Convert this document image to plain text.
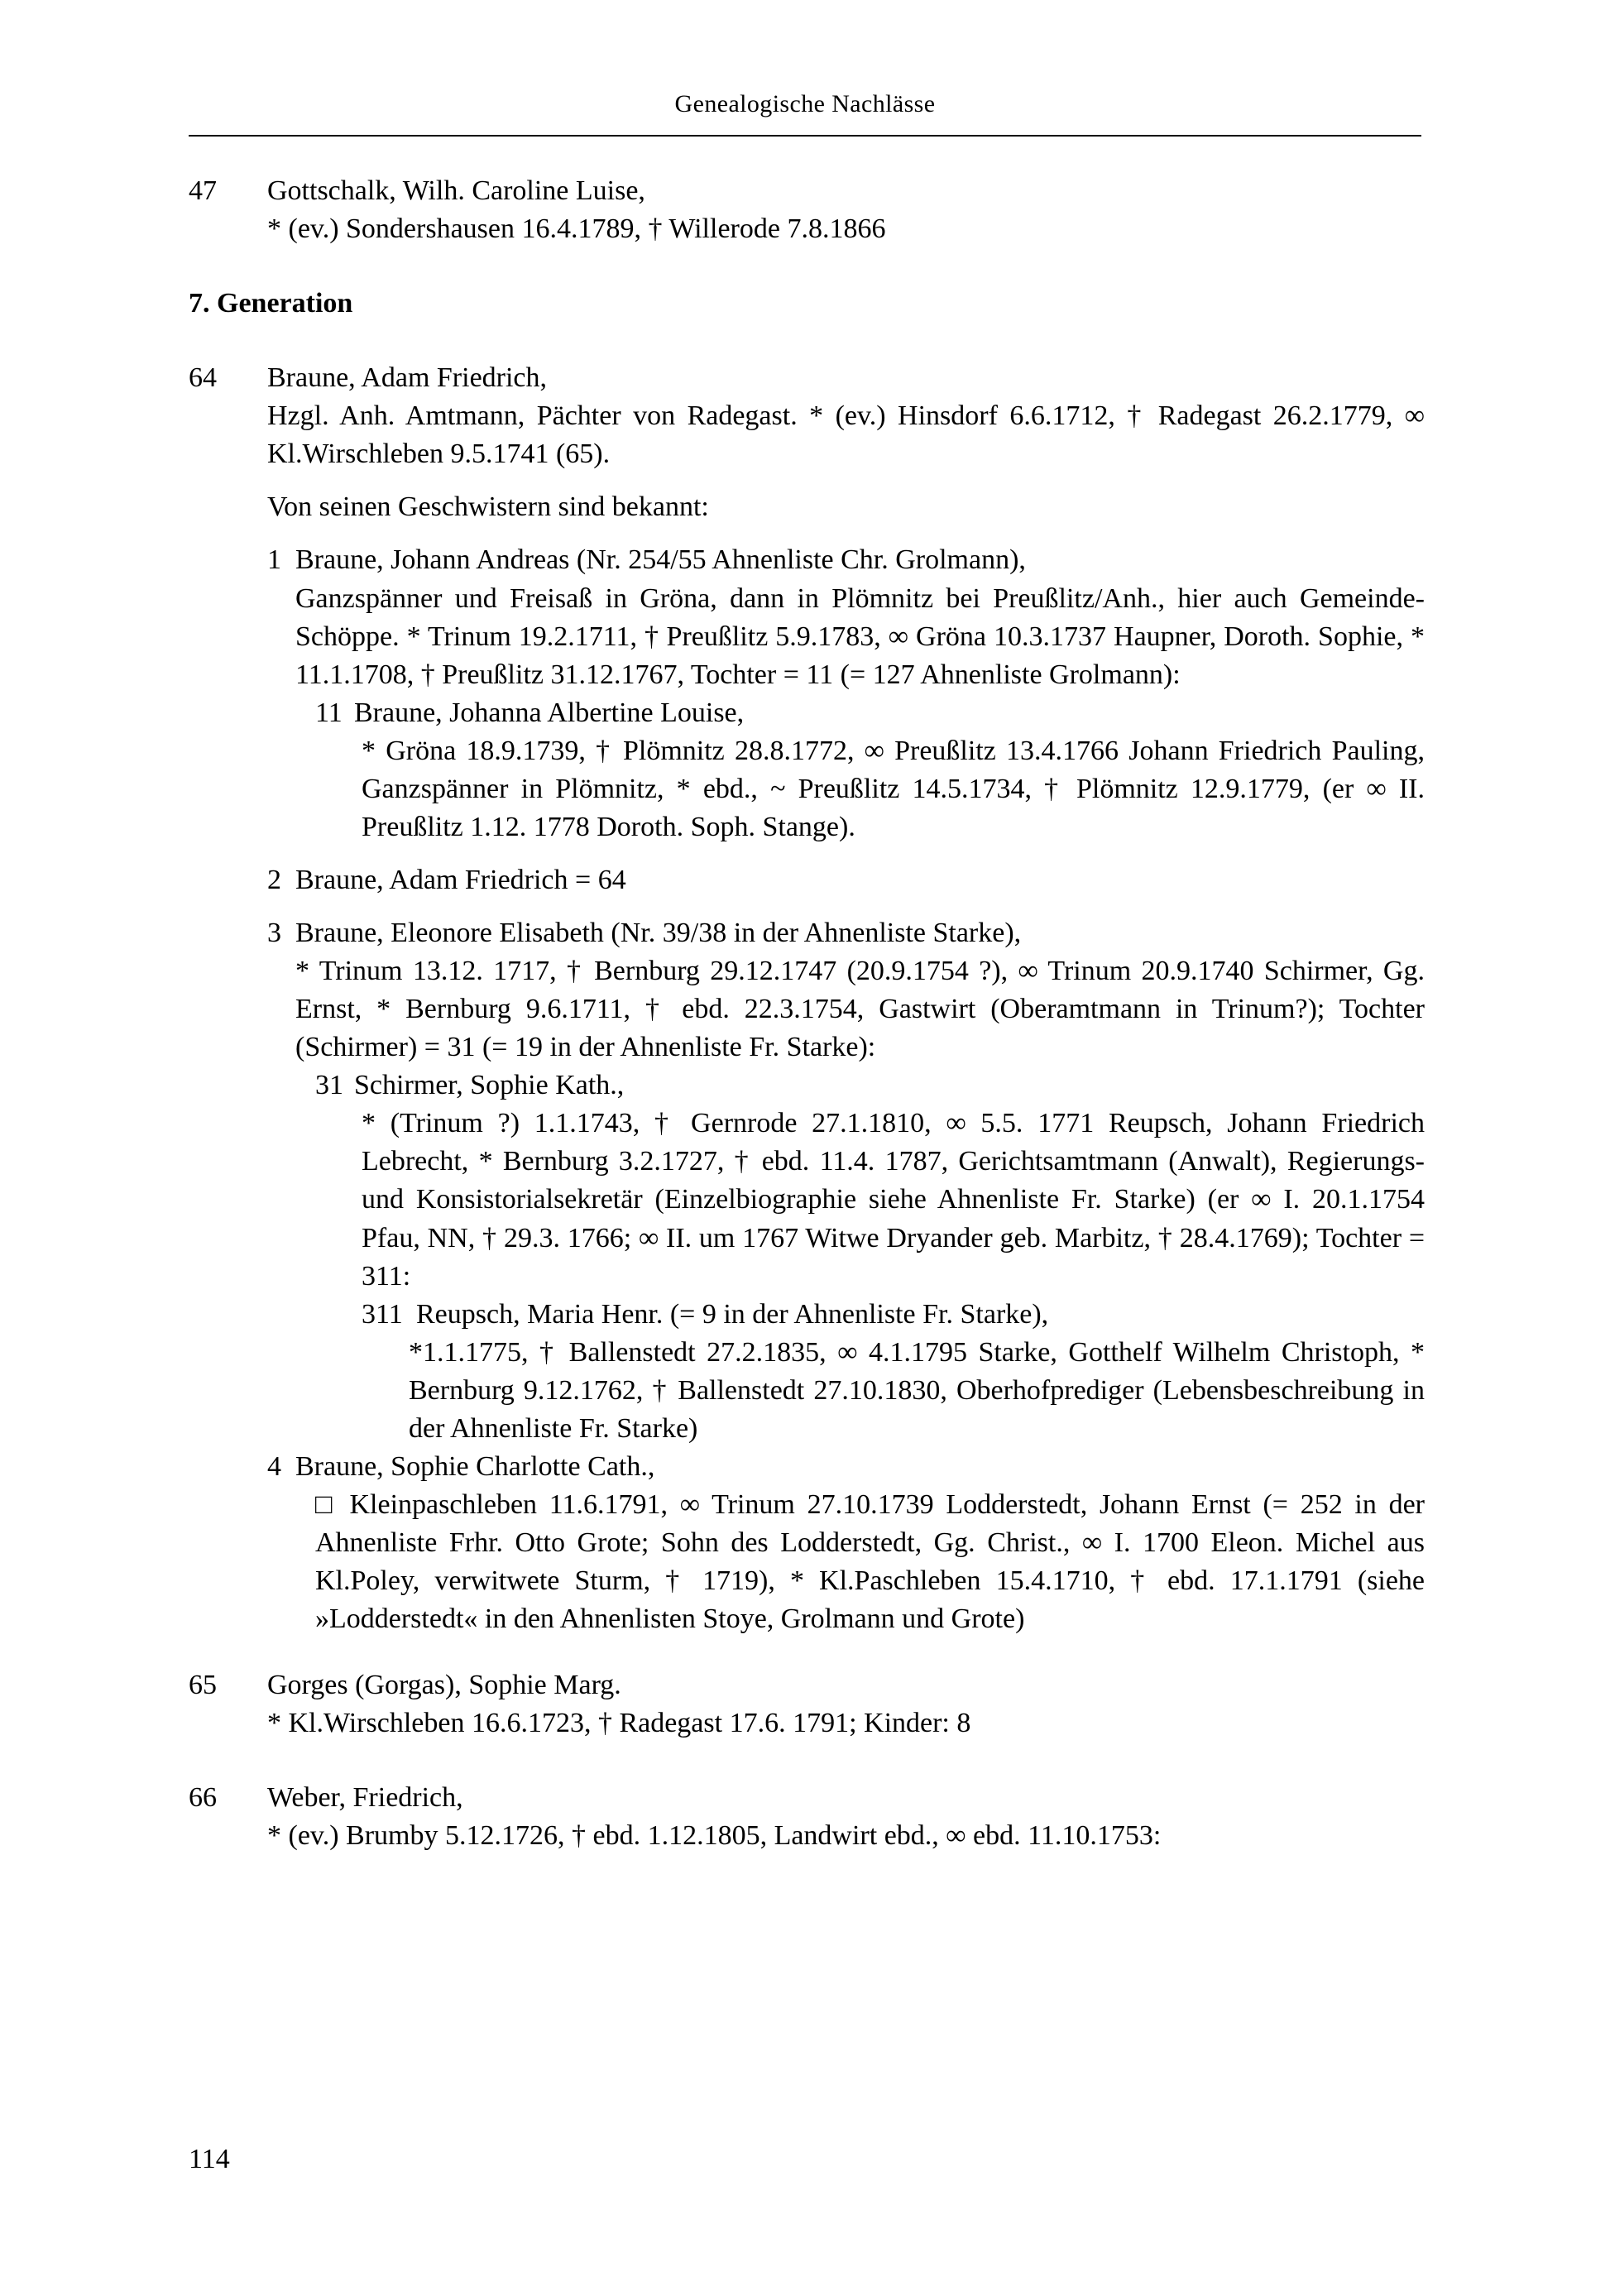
Genealogische Nachlässe
47	Gottschalk, Wilh. Caroline Luise,
* (ev.) Sondershausen 16.4.1789, † Willerode 7.8.1866
7. Generation
64	Braune, Adam Friedrich,
Hzgl. Anh. Amtmann, Pächter von Radegast. * (ev.) Hinsdorf 6.6.1712, † Radegast 26.2.1779, ∞ Kl.Wirschleben 9.5.1741 (65).
Von seinen Geschwistern sind bekannt:
1 Braune, Johann Andreas (Nr. 254/55 Ahnenliste Chr. Grolmann),

Ganzspänner und Freisaß in Gröna, dann in Plömnitz bei Preußlitz/Anh., hier auch Gemeinde-Schöppe. * Trinum 19.2.1711, † Preußlitz 5.9.1783, ∞ Gröna 10.3.1737 Haupner, Doroth. Sophie, * 11.1.1708, † Preußlitz 31.12.1767, Tochter = 11 (= 127 Ahnenliste Grolmann):
11 Braune, Johanna Albertine Louise,
* Gröna 18.9.1739, † Plömnitz 28.8.1772, ∞ Preußlitz 13.4.1766 Johann Friedrich Pauling, Ganzspänner in Plömnitz, * ebd., ~ Preußlitz 14.5.1734, † Plömnitz 12.9.1779, (er ∞ II. Preußlitz 1.12. 1778 Doroth. Soph. Stange).
2 Braune, Adam Friedrich = 64
3 Braune, Eleonore Elisabeth (Nr. 39/38 in der Ahnenliste Starke),

* Trinum 13.12. 1717, † Bernburg 29.12.1747 (20.9.1754 ?), ∞ Trinum 20.9.1740 Schirmer, Gg. Ernst, * Bernburg 9.6.1711, † ebd. 22.3.1754, Gastwirt (Oberamtmann in Trinum?); Tochter (Schirmer) = 31 (= 19 in der Ahnenliste Fr. Starke):
31 Schirmer, Sophie Kath.,
* (Trinum ?) 1.1.1743, † Gernrode 27.1.1810, ∞ 5.5. 1771 Reupsch, Johann Friedrich Lebrecht, * Bernburg 3.2.1727, † ebd. 11.4. 1787, Gerichtsamtmann (Anwalt), Regierungs- und Konsistorialsekretär (Einzelbiographie siehe Ahnenliste Fr. Starke) (er ∞ I. 20.1.1754 Pfau, NN, † 29.3. 1766; ∞ II. um 1767 Witwe Dryander geb. Marbitz, † 28.4.1769); Tochter = 311:
311 Reupsch, Maria Henr. (= 9 in der Ahnenliste Fr. Starke),
*1.1.1775, † Ballenstedt 27.2.1835, ∞ 4.1.1795 Starke, Gotthelf Wilhelm Christoph, * Bernburg 9.12.1762, † Ballenstedt 27.10.1830, Oberhofprediger (Lebensbeschreibung in der Ahnenliste Fr. Starke)
4 Braune, Sophie Charlotte Cath.,
□ Kleinpaschleben 11.6.1791, ∞ Trinum 27.10.1739 Lodderstedt, Johann Ernst (= 252 in der Ahnenliste Frhr. Otto Grote; Sohn des Lodderstedt, Gg. Christ., ∞ I. 1700 Eleon. Michel aus Kl.Poley, verwitwete Sturm, † 1719), * Kl.Paschleben 15.4.1710, † ebd. 17.1.1791 (siehe »Lodderstedt« in den Ahnenlisten Stoye, Grolmann und Grote)
65	Gorges (Gorgas), Sophie Marg.
* Kl.Wirschleben 16.6.1723, † Radegast 17.6. 1791; Kinder: 8
66	Weber, Friedrich,
* (ev.) Brumby 5.12.1726, † ebd. 1.12.1805, Landwirt ebd., ∞ ebd. 11.10.1753:
114
